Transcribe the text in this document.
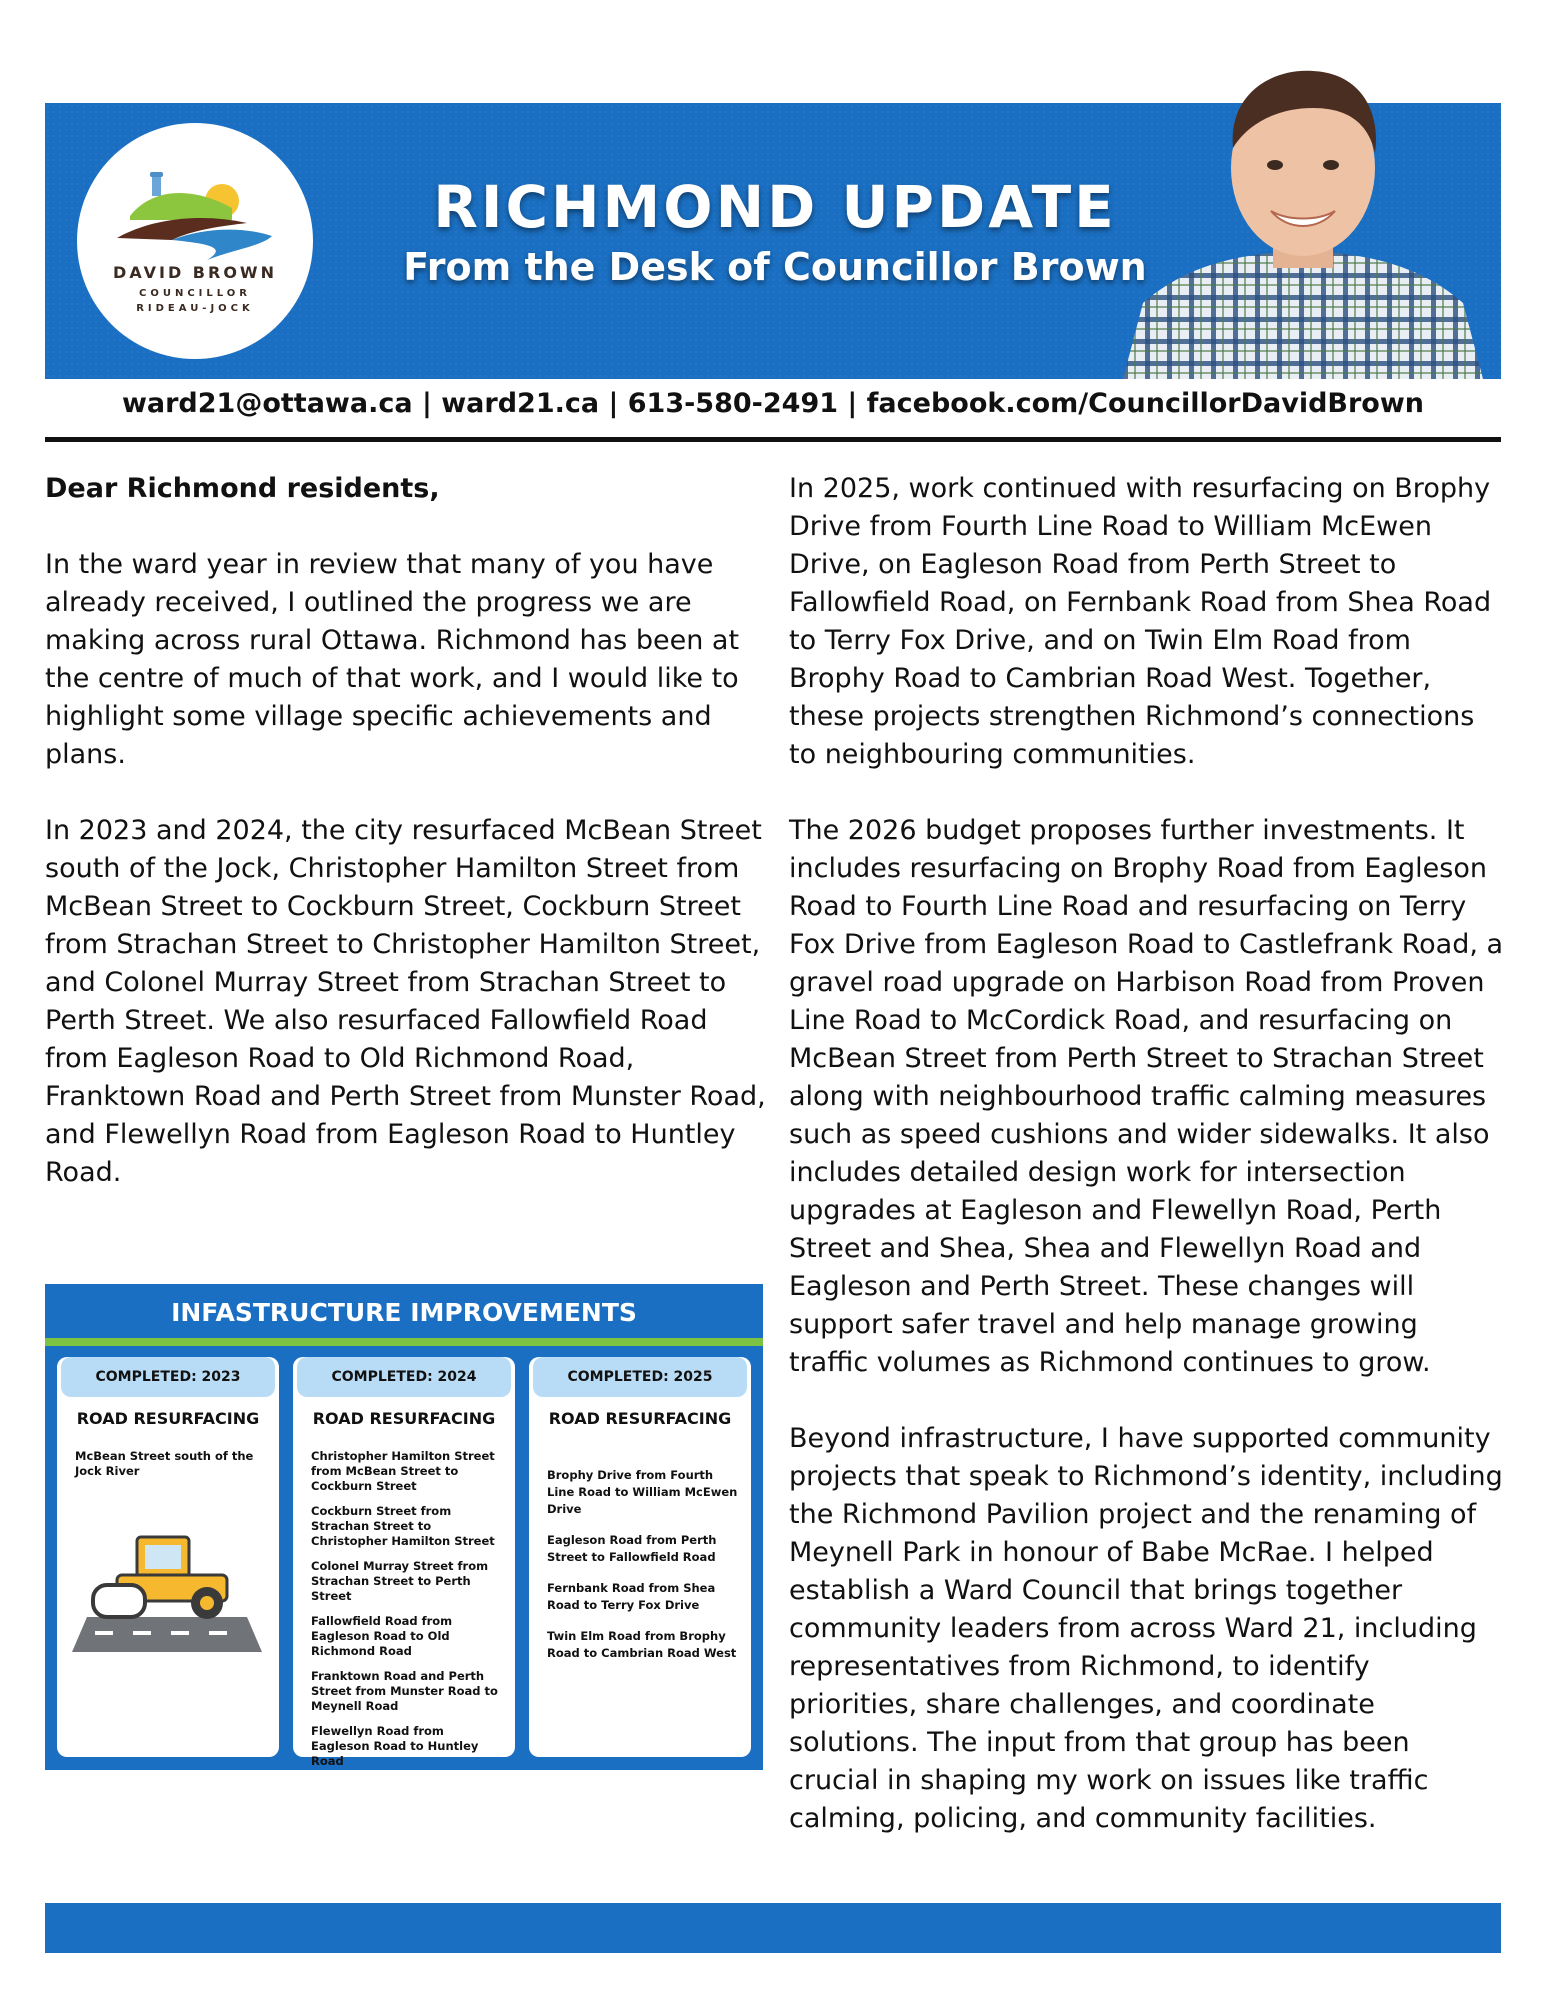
DAVID BROWN
COUNCILLOR
RIDEAU-JOCK
RICHMOND UPDATE
From the Desk of Councillor Brown
ward21@ottawa.ca | ward21.ca | 613-580-2491 | facebook.com/CouncillorDavidBrown

Dear Richmond residents,

In the ward year in review that many of you have already received, I outlined the progress we are making across rural Ottawa. Richmond has been at the centre of much of that work, and I would like to highlight some village specific achievements and plans.

In 2023 and 2024, the city resurfaced McBean Street south of the Jock, Christopher Hamilton Street from McBean Street to Cockburn Street, Cockburn Street from Strachan Street to Christopher Hamilton Street, and Colonel Murray Street from Strachan Street to Perth Street. We also resurfaced Fallowfield Road from Eagleson Road to Old Richmond Road, Franktown Road and Perth Street from Munster Road, and Flewellyn Road from Eagleson Road to Huntley Road.

In 2025, work continued with resurfacing on Brophy Drive from Fourth Line Road to William McEwen Drive, on Eagleson Road from Perth Street to Fallowfield Road, on Fernbank Road from Shea Road to Terry Fox Drive, and on Twin Elm Road from Brophy Road to Cambrian Road West. Together, these projects strengthen Richmond’s connections to neighbouring communities.

The 2026 budget proposes further investments. It includes resurfacing on Brophy Road from Eagleson Road to Fourth Line Road and resurfacing on Terry Fox Drive from Eagleson Road to Castlefrank Road, a gravel road upgrade on Harbison Road from Proven Line Road to McCordick Road, and resurfacing on McBean Street from Perth Street to Strachan Street along with neighbourhood traffic calming measures such as speed cushions and wider sidewalks. It also includes detailed design work for intersection upgrades at Eagleson and Flewellyn Road, Perth Street and Shea, Shea and Flewellyn Road and Eagleson and Perth Street. These changes will support safer travel and help manage growing traffic volumes as Richmond continues to grow.

Beyond infrastructure, I have supported community projects that speak to Richmond’s identity, including the Richmond Pavilion project and the renaming of Meynell Park in honour of Babe McRae. I helped establish a Ward Council that brings together community leaders from across Ward 21, including representatives from Richmond, to identify priorities, share challenges, and coordinate solutions. The input from that group has been crucial in shaping my work on issues like traffic calming, policing, and community facilities.

INFASTRUCTURE IMPROVEMENTS
COMPLETED: 2023
ROAD RESURFACING
McBean Street south of the Jock River
COMPLETED: 2024
ROAD RESURFACING
Christopher Hamilton Street from McBean Street to Cockburn Street
Cockburn Street from Strachan Street to Christopher Hamilton Street
Colonel Murray Street from Strachan Street to Perth Street
Fallowfield Road from Eagleson Road to Old Richmond Road
Franktown Road and Perth Street from Munster Road to Meynell Road
Flewellyn Road from Eagleson Road to Huntley Road
COMPLETED: 2025
ROAD RESURFACING
Brophy Drive from Fourth Line Road to William McEwen Drive
Eagleson Road from Perth Street to Fallowfield Road
Fernbank Road from Shea Road to Terry Fox Drive
Twin Elm Road from Brophy Road to Cambrian Road West
